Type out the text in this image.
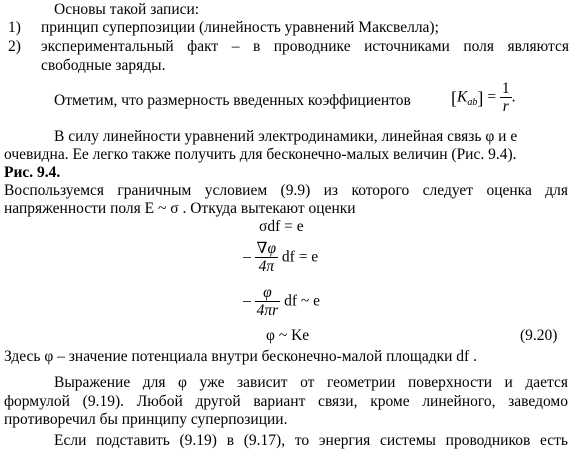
Основы такой записи:
1) принцип суперпозиции (линейность уравнений Максвелла);
2) экспериментальный факт – в проводнике источниками поля являются
свободные заряды.
Отметим, что размерность введенных коэффициентов $[K_{ab}] = \frac{1}{r}$ .
В силу линейности уравнений электродинамики, линейная связь φ и e
очевидна. Ее легко также получить для бесконечно-малых величин (Рис. 9.4).
Рис. 9.4.
Воспользуемся граничным условием (9.9) из которого следует оценка для
напряженности поля E ~ σ . Откуда вытекают оценки
σdf = e
– $\frac{\nabla\varphi}{4\pi}$ df = e
– $\frac{\varphi}{4\pi r}$ df ~ e
φ ~ Ke	(9.20)
Здесь φ – значение потенциала внутри бесконечно-малой площадки df .
Выражение для φ уже зависит от геометрии поверхности и дается
формулой (9.19). Любой другой вариант связи, кроме линейного, заведомо
противоречил бы принципу суперпозиции.
Если подставить (9.19) в (9.17), то энергия системы проводников есть
